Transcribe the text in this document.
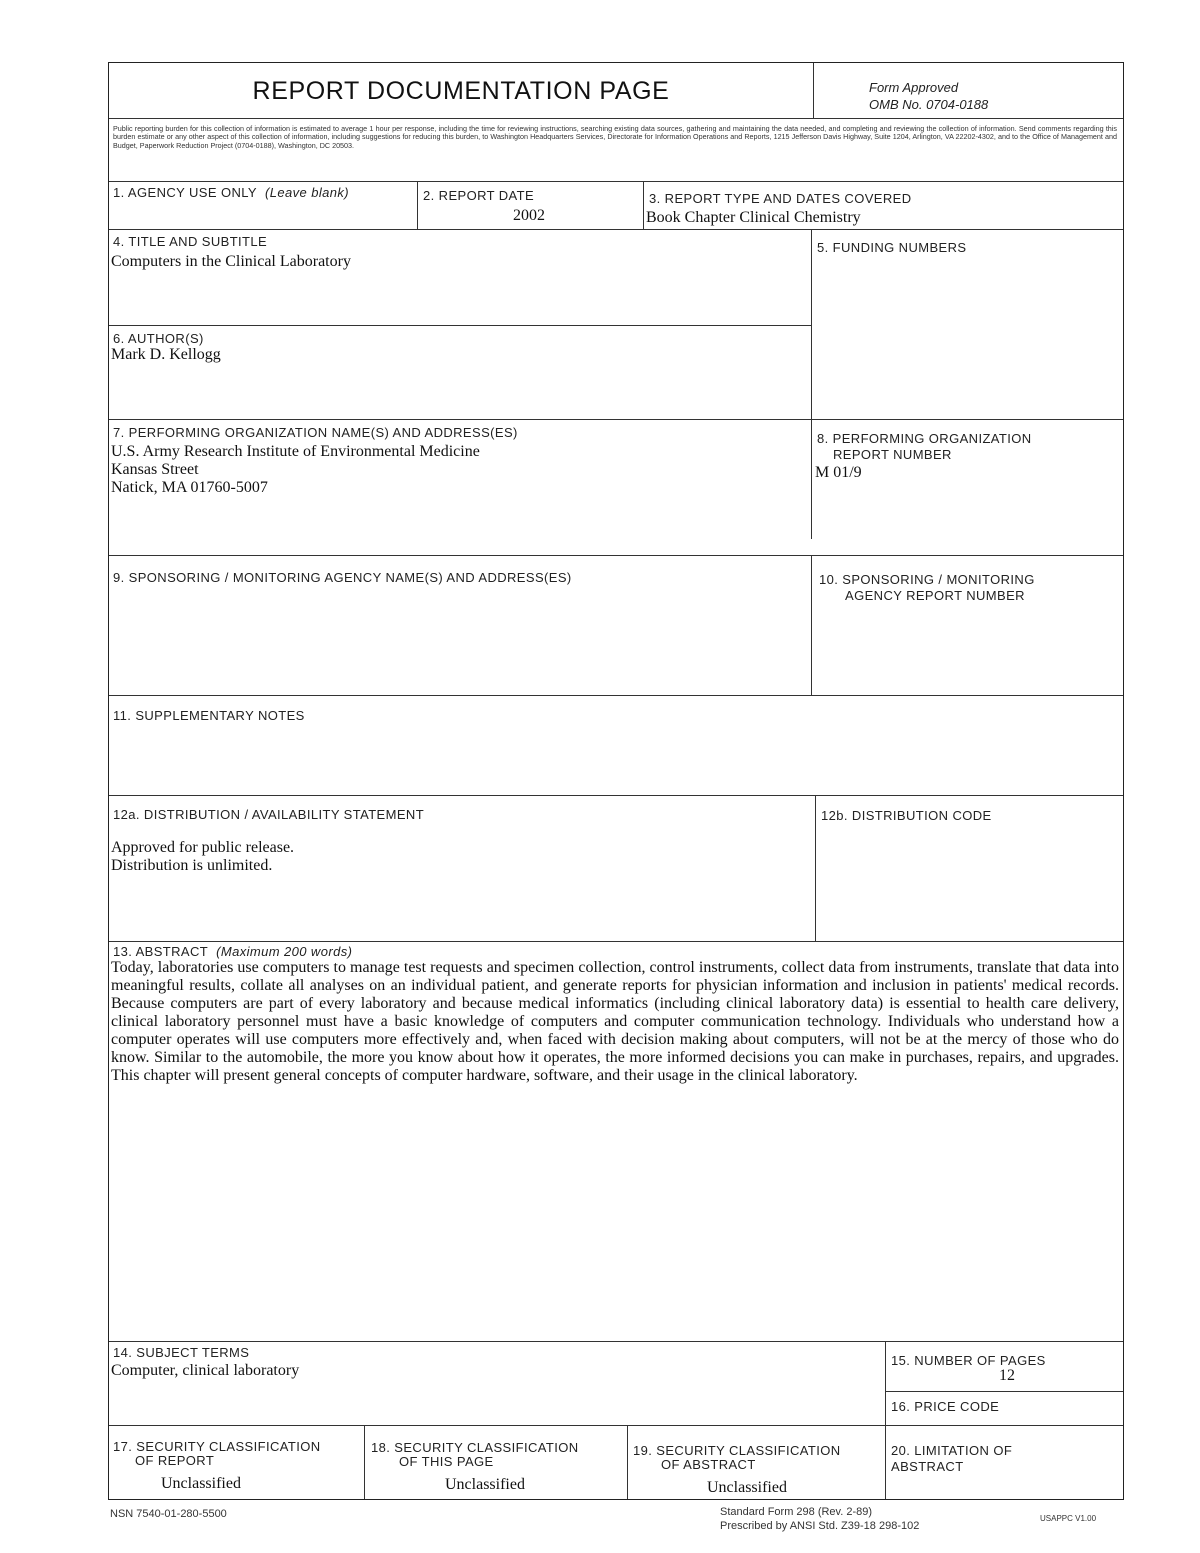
REPORT DOCUMENTATION PAGE	Form Approved
OMB No. 0704-0188
Public reporting burden for this collection of information is estimated to average 1 hour per response, including the time for reviewing instructions, searching existing data sources, gathering and maintaining the data needed, and completing and reviewing the collection of information. Send comments regarding this burden estimate or any other aspect of this collection of information, including suggestions for reducing this burden, to Washington Headquarters Services, Directorate for Information Operations and Reports, 1215 Jefferson Davis Highway, Suite 1204, Arlington, VA 22202-4302, and to the Office of Management and Budget, Paperwork Reduction Project (0704-0188), Washington, DC 20503.
1. AGENCY USE ONLY (Leave blank)	2. REPORT DATE
2002
3. REPORT TYPE AND DATES COVERED
Book Chapter Clinical Chemistry
4. TITLE AND SUBTITLE
Computers in the Clinical Laboratory
5. FUNDING NUMBERS
6. AUTHOR(S)
Mark D. Kellogg
7. PERFORMING ORGANIZATION NAME(S) AND ADDRESS(ES)
U.S. Army Research Institute of Environmental Medicine
Kansas Street
Natick, MA 01760-5007
8. PERFORMING ORGANIZATION
REPORT NUMBER
M 01/9
9. SPONSORING / MONITORING AGENCY NAME(S) AND ADDRESS(ES)	10. SPONSORING / MONITORING
AGENCY REPORT NUMBER
11. SUPPLEMENTARY NOTES
12a. DISTRIBUTION / AVAILABILITY STATEMENT
Approved for public release.
Distribution is unlimited.
12b. DISTRIBUTION CODE
13. ABSTRACT (Maximum 200 words)
Today, laboratories use computers to manage test requests and specimen collection, control instruments, collect data from instruments, translate that data into meaningful results, collate all analyses on an individual patient, and generate reports for physician information and inclusion in patients' medical records. Because computers are part of every laboratory and because medical informatics (including clinical laboratory data) is essential to health care delivery, clinical laboratory personnel must have a basic knowledge of computers and computer communication technology. Individuals who understand how a computer operates will use computers more effectively and, when faced with decision making about computers, will not be at the mercy of those who do know. Similar to the automobile, the more you know about how it operates, the more informed decisions you can make in purchases, repairs, and upgrades. This chapter will present general concepts of computer hardware, software, and their usage in the clinical laboratory.
14. SUBJECT TERMS
Computer, clinical laboratory
15. NUMBER OF PAGES
12
16. PRICE CODE
17. SECURITY CLASSIFICATION
OF REPORT
Unclassified
18. SECURITY CLASSIFICATION
OF THIS PAGE
Unclassified
19. SECURITY CLASSIFICATION
OF ABSTRACT
Unclassified
20. LIMITATION OF
ABSTRACT
NSN 7540-01-280-5500	Standard Form 298 (Rev. 2-89)
Prescribed by ANSI Std. Z39-18 298-102
USAPPC V1.00
